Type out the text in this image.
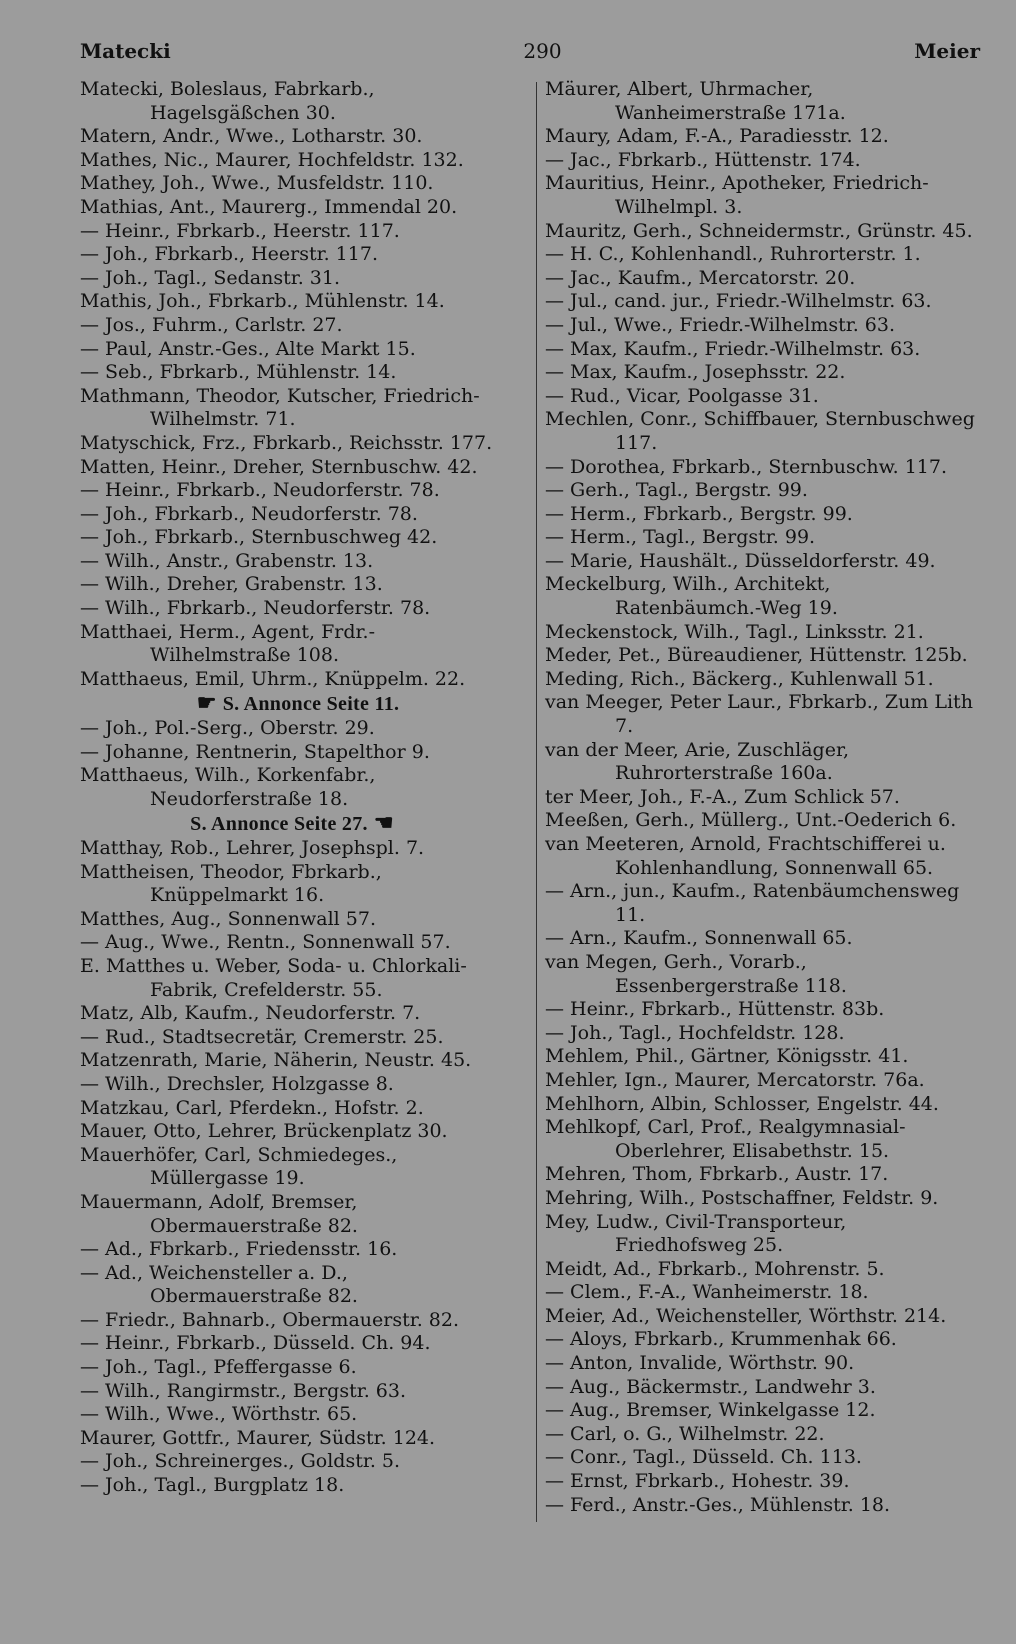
Matecki	290	Meier
Matecki, Boleslaus, Fabrkarb., Hagelsgäßchen 30.
Matern, Andr., Wwe., Lotharstr. 30.
Mathes, Nic., Maurer, Hochfeldstr. 132.
Mathey, Joh., Wwe., Musfeldstr. 110.
Mathias, Ant., Maurerg., Immendal 20.
— Heinr., Fbrkarb., Heerstr. 117.
— Joh., Fbrkarb., Heerstr. 117.
— Joh., Tagl., Sedanstr. 31.
Mathis, Joh., Fbrkarb., Mühlenstr. 14.
— Jos., Fuhrm., Carlstr. 27.
— Paul, Anstr.-Ges., Alte Markt 15.
— Seb., Fbrkarb., Mühlenstr. 14.
Mathmann, Theodor, Kutscher, Friedrich-Wilhelmstr. 71.
Matyschick, Frz., Fbrkarb., Reichsstr. 177.
Matten, Heinr., Dreher, Sternbuschw. 42.
— Heinr., Fbrkarb., Neudorferstr. 78.
— Joh., Fbrkarb., Neudorferstr. 78.
— Joh., Fbrkarb., Sternbuschweg 42.
— Wilh., Anstr., Grabenstr. 13.
— Wilh., Dreher, Grabenstr. 13.
— Wilh., Fbrkarb., Neudorferstr. 78.
Matthaei, Herm., Agent, Frdr.-Wilhelmstraße 108.
Matthaeus, Emil, Uhrm., Knüppelm. 22.
☛ S. Annonce Seite 11.
— Joh., Pol.-Serg., Oberstr. 29.
— Johanne, Rentnerin, Stapelthor 9.
Matthaeus, Wilh., Korkenfabr., Neudorferstraße 18.
S. Annonce Seite 27. ☚
Matthay, Rob., Lehrer, Josephspl. 7.
Mattheisen, Theodor, Fbrkarb., Knüppelmarkt 16.
Matthes, Aug., Sonnenwall 57.
— Aug., Wwe., Rentn., Sonnenwall 57.
E. Matthes u. Weber, Soda- u. Chlorkali-Fabrik, Crefelderstr. 55.
Matz, Alb, Kaufm., Neudorferstr. 7.
— Rud., Stadtsecretär, Cremerstr. 25.
Matzenrath, Marie, Näherin, Neustr. 45.
— Wilh., Drechsler, Holzgasse 8.
Matzkau, Carl, Pferdekn., Hofstr. 2.
Mauer, Otto, Lehrer, Brückenplatz 30.
Mauerhöfer, Carl, Schmiedeges., Müllergasse 19.
Mauermann, Adolf, Bremser, Obermauerstraße 82.
— Ad., Fbrkarb., Friedensstr. 16.
— Ad., Weichensteller a. D., Obermauerstraße 82.
— Friedr., Bahnarb., Obermauerstr. 82.
— Heinr., Fbrkarb., Düsseld. Ch. 94.
— Joh., Tagl., Pfeffergasse 6.
— Wilh., Rangirmstr., Bergstr. 63.
— Wilh., Wwe., Wörthstr. 65.
Maurer, Gottfr., Maurer, Südstr. 124.
— Joh., Schreinerges., Goldstr. 5.
— Joh., Tagl., Burgplatz 18.
Mäurer, Albert, Uhrmacher, Wanheimerstraße 171a.
Maury, Adam, F.-A., Paradiesstr. 12.
— Jac., Fbrkarb., Hüttenstr. 174.
Mauritius, Heinr., Apotheker, Friedrich-Wilhelmpl. 3.
Mauritz, Gerh., Schneidermstr., Grünstr. 45.
— H. C., Kohlenhandl., Ruhrorterstr. 1.
— Jac., Kaufm., Mercatorstr. 20.
— Jul., cand. jur., Friedr.-Wilhelmstr. 63.
— Jul., Wwe., Friedr.-Wilhelmstr. 63.
— Max, Kaufm., Friedr.-Wilhelmstr. 63.
— Max, Kaufm., Josephsstr. 22.
— Rud., Vicar, Poolgasse 31.
Mechlen, Conr., Schiffbauer, Sternbuschweg 117.
— Dorothea, Fbrkarb., Sternbuschw. 117.
— Gerh., Tagl., Bergstr. 99.
— Herm., Fbrkarb., Bergstr. 99.
— Herm., Tagl., Bergstr. 99.
— Marie, Haushält., Düsseldorferstr. 49.
Meckelburg, Wilh., Architekt, Ratenbäumch.-Weg 19.
Meckenstock, Wilh., Tagl., Linksstr. 21.
Meder, Pet., Büreaudiener, Hüttenstr. 125b.
Meding, Rich., Bäckerg., Kuhlenwall 51.
van Meeger, Peter Laur., Fbrkarb., Zum Lith 7.
van der Meer, Arie, Zuschläger, Ruhrorterstraße 160a.
ter Meer, Joh., F.-A., Zum Schlick 57.
Meeßen, Gerh., Müllerg., Unt.-Oederich 6.
van Meeteren, Arnold, Frachtschifferei u. Kohlenhandlung, Sonnenwall 65.
— Arn., jun., Kaufm., Ratenbäumchensweg 11.
— Arn., Kaufm., Sonnenwall 65.
van Megen, Gerh., Vorarb., Essenbergerstraße 118.
— Heinr., Fbrkarb., Hüttenstr. 83b.
— Joh., Tagl., Hochfeldstr. 128.
Mehlem, Phil., Gärtner, Königsstr. 41.
Mehler, Ign., Maurer, Mercatorstr. 76a.
Mehlhorn, Albin, Schlosser, Engelstr. 44.
Mehlkopf, Carl, Prof., Realgymnasial-Oberlehrer, Elisabethstr. 15.
Mehren, Thom, Fbrkarb., Austr. 17.
Mehring, Wilh., Postschaffner, Feldstr. 9.
Mey, Ludw., Civil-Transporteur, Friedhofsweg 25.
Meidt, Ad., Fbrkarb., Mohrenstr. 5.
— Clem., F.-A., Wanheimerstr. 18.
Meier, Ad., Weichensteller, Wörthstr. 214.
— Aloys, Fbrkarb., Krummenhak 66.
— Anton, Invalide, Wörthstr. 90.
— Aug., Bäckermstr., Landwehr 3.
— Aug., Bremser, Winkelgasse 12.
— Carl, o. G., Wilhelmstr. 22.
— Conr., Tagl., Düsseld. Ch. 113.
— Ernst, Fbrkarb., Hohestr. 39.
— Ferd., Anstr.-Ges., Mühlenstr. 18.
